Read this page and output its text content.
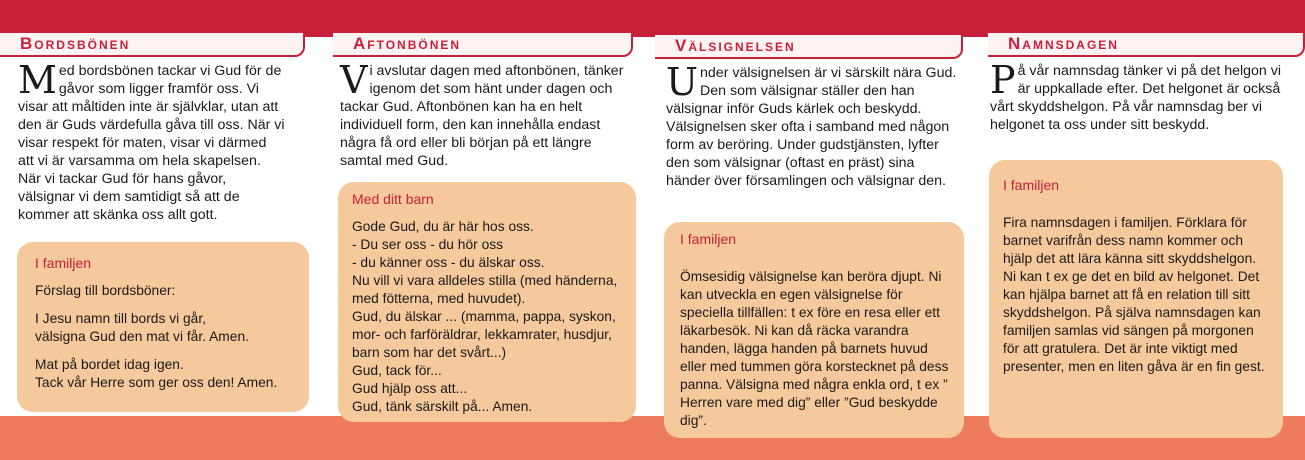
Bordsbönen
Med bordsbönen tackar vi Gud för de gåvor som ligger framför oss. Vi visar att måltiden inte är självklar, utan att den är Guds värdefulla gåva till oss. När vi visar respekt för maten, visar vi därmed att vi är varsamma om hela skapelsen. När vi tackar Gud för hans gåvor, välsignar vi dem samtidigt så att de kommer att skänka oss allt gott.
I familjen

Förslag till bordsböner:

I Jesu namn till bords vi går,
välsigna Gud den mat vi får. Amen.
Mat på bordet idag igen.
Tack vår Herre som ger oss den! Amen.
Aftonbönen
Vi avslutar dagen med aftonbönen, tänker igenom det som hänt under dagen och tackar Gud. Aftonbönen kan ha en helt individuell form, den kan innehålla endast några få ord eller bli början på ett längre samtal med Gud.
Med ditt barn
Gode Gud, du är här hos oss.
- Du ser oss - du hör oss
- du känner oss - du älskar oss.
Nu vill vi vara alldeles stilla (med händerna, med fötterna, med huvudet).
Gud, du älskar ... (mamma, pappa, syskon, mor- och farföräldrar, lekkamrater, husdjur, barn som har det svårt...)
Gud, tack för...
Gud hjälp oss att...
Gud, tänk särskilt på... Amen.
Välsignelsen
Under välsignelsen är vi särskilt nära Gud. Den som välsignar ställer den han välsignar inför Guds kärlek och beskydd. Välsignelsen sker ofta i samband med någon form av beröring. Under gudstjänsten, lyfter den som välsignar (oftast en präst) sina händer över församlingen och välsignar den.
I familjen

Ömsesidig välsignelse kan beröra djupt. Ni kan utveckla en egen välsignelse för speciella tillfällen: t ex före en resa eller ett läkarbesök. Ni kan då räcka varandra handen, lägga handen på barnets huvud eller med tummen göra korstecknet på dess panna. Välsigna med några enkla ord, t ex ” Herren vare med dig” eller ”Gud beskydde dig”.

Namnsdagen
På vår namnsdag tänker vi på det helgon vi är uppkallade efter. Det helgonet är också vårt skyddshelgon. På vår namnsdag ber vi helgonet ta oss under sitt beskydd.
I familjen

Fira namnsdagen i familjen. Förklara för barnet varifrån dess namn kommer och hjälp det att lära känna sitt skyddshelgon. Ni kan t ex ge det en bild av helgonet. Det kan hjälpa barnet att få en relation till sitt skyddshelgon. På själva namnsdagen kan familjen samlas vid sängen på morgonen för att gratulera. Det är inte viktigt med presenter, men en liten gåva är en fin gest.
